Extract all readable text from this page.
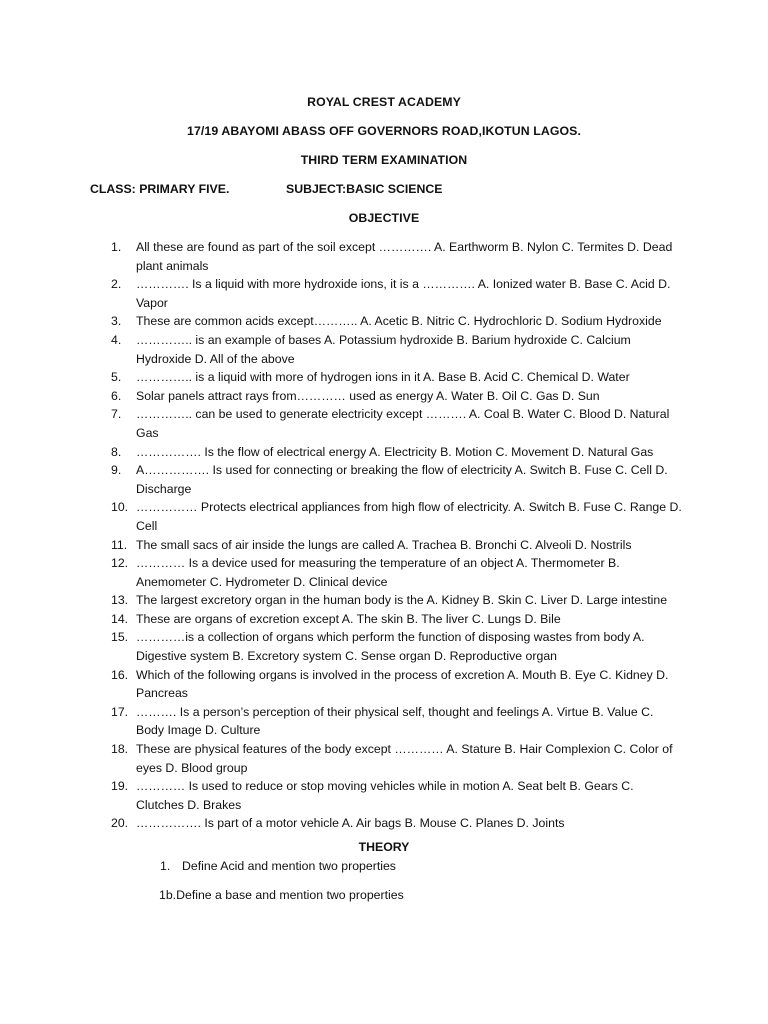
ROYAL CREST ACADEMY
17/19 ABAYOMI ABASS OFF GOVERNORS ROAD,IKOTUN LAGOS.
THIRD TERM EXAMINATION
CLASS: PRIMARY FIVE.	SUBJECT:BASIC SCIENCE
OBJECTIVE
1.	All these are found as part of the soil except …………. A. Earthworm B. Nylon C. Termites D. Dead plant animals
2.	…………. Is a liquid with more hydroxide ions, it is a …………. A. Ionized water B. Base C. Acid D. Vapor
3.	These are common acids except……….. A. Acetic B. Nitric C. Hydrochloric D. Sodium Hydroxide
4.	………….. is an example of bases A. Potassium hydroxide B. Barium hydroxide C. Calcium Hydroxide D. All of the above
5.	………….. is a liquid with more of hydrogen ions in it A. Base B. Acid C. Chemical D. Water
6.	Solar panels attract rays from………… used as energy A. Water B. Oil C. Gas D. Sun
7.	………….. can be used to generate electricity except ………. A. Coal B. Water C. Blood D. Natural Gas
8.	……………. Is the flow of electrical energy A. Electricity B. Motion C. Movement D. Natural Gas
9.	A……………. Is used for connecting or breaking the flow of electricity A. Switch B. Fuse C. Cell D. Discharge
10. …………… Protects electrical appliances from high flow of electricity. A. Switch B. Fuse C. Range D. Cell
11. The small sacs of air inside the lungs are called A. Trachea B. Bronchi C. Alveoli D. Nostrils
12. ………… Is a device used for measuring the temperature of an object A. Thermometer B. Anemometer C. Hydrometer D. Clinical device
13. The largest excretory organ in the human body is the A. Kidney B. Skin C. Liver D. Large intestine
14. These are organs of excretion except A. The skin B. The liver C. Lungs D. Bile
15. …………is a collection of organs which perform the function of disposing wastes from body A. Digestive system B. Excretory system C. Sense organ D. Reproductive organ
16. Which of the following organs is involved in the process of excretion A. Mouth B. Eye C. Kidney D. Pancreas
17. ………. Is a person’s perception of their physical self, thought and feelings A. Virtue B. Value C. Body Image D. Culture
18. These are physical features of the body except ………… A. Stature B. Hair Complexion C. Color of eyes D. Blood group
19. ………… Is used to reduce or stop moving vehicles while in motion A. Seat belt B. Gears C. Clutches D. Brakes
20. ……………. Is part of a motor vehicle A. Air bags B. Mouse C. Planes D. Joints
THEORY
1. Define Acid and mention two properties
1b.Define a base and mention two properties
